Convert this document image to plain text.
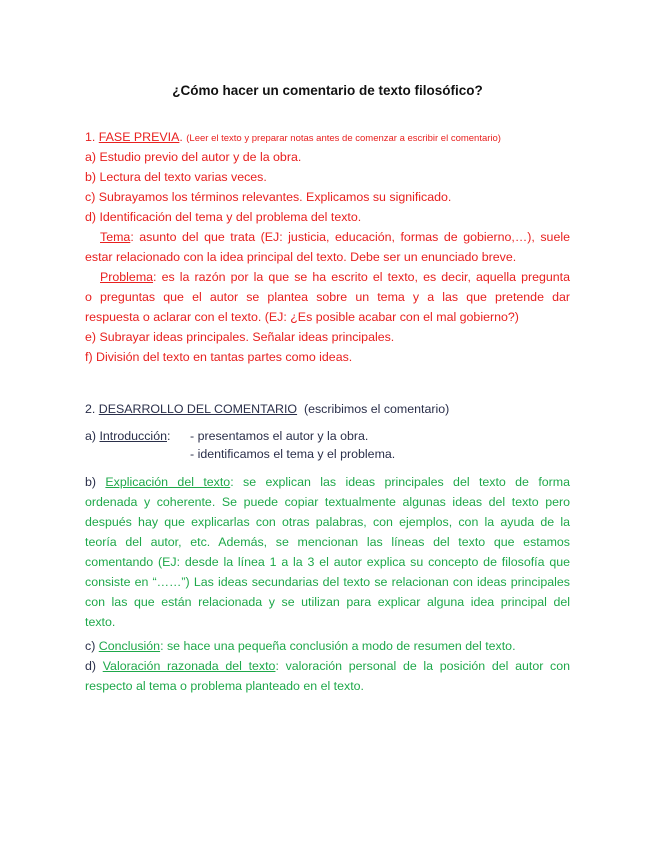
¿Cómo hacer un comentario de texto filosófico?
1. FASE PREVIA. (Leer el texto y preparar notas antes de comenzar a escribir el comentario)
a) Estudio previo del autor y de la obra.
b) Lectura del texto varias veces.
c) Subrayamos los términos relevantes. Explicamos su significado.
d) Identificación del tema y del problema del texto.
Tema: asunto del que trata (EJ: justicia, educación, formas de gobierno,…), suele
estar relacionado con la idea principal del texto. Debe ser un enunciado breve.
Problema: es la razón por la que se ha escrito el texto, es decir, aquella pregunta
o preguntas que el autor se plantea sobre un tema y a las que pretende dar
respuesta o aclarar con el texto. (EJ: ¿Es posible acabar con el mal gobierno?)
e) Subrayar ideas principales. Señalar ideas principales.
f) División del texto en tantas partes como ideas.
2. DESARROLLO DEL COMENTARIO (escribimos el comentario)
a) Introducción: - presentamos el autor y la obra.
- identificamos el tema y el problema.
b) Explicación del texto: se explican las ideas principales del texto de forma
ordenada y coherente. Se puede copiar textualmente algunas ideas del texto pero
después hay que explicarlas con otras palabras, con ejemplos, con la ayuda de la
teoría del autor, etc. Además, se mencionan las líneas del texto que estamos
comentando (EJ: desde la línea 1 a la 3 el autor explica su concepto de filosofía que
consiste en “……”) Las ideas secundarias del texto se relacionan con ideas principales
con las que están relacionada y se utilizan para explicar alguna idea principal del
texto.
c) Conclusión: se hace una pequeña conclusión a modo de resumen del texto.
d) Valoración razonada del texto: valoración personal de la posición del autor con
respecto al tema o problema planteado en el texto.
